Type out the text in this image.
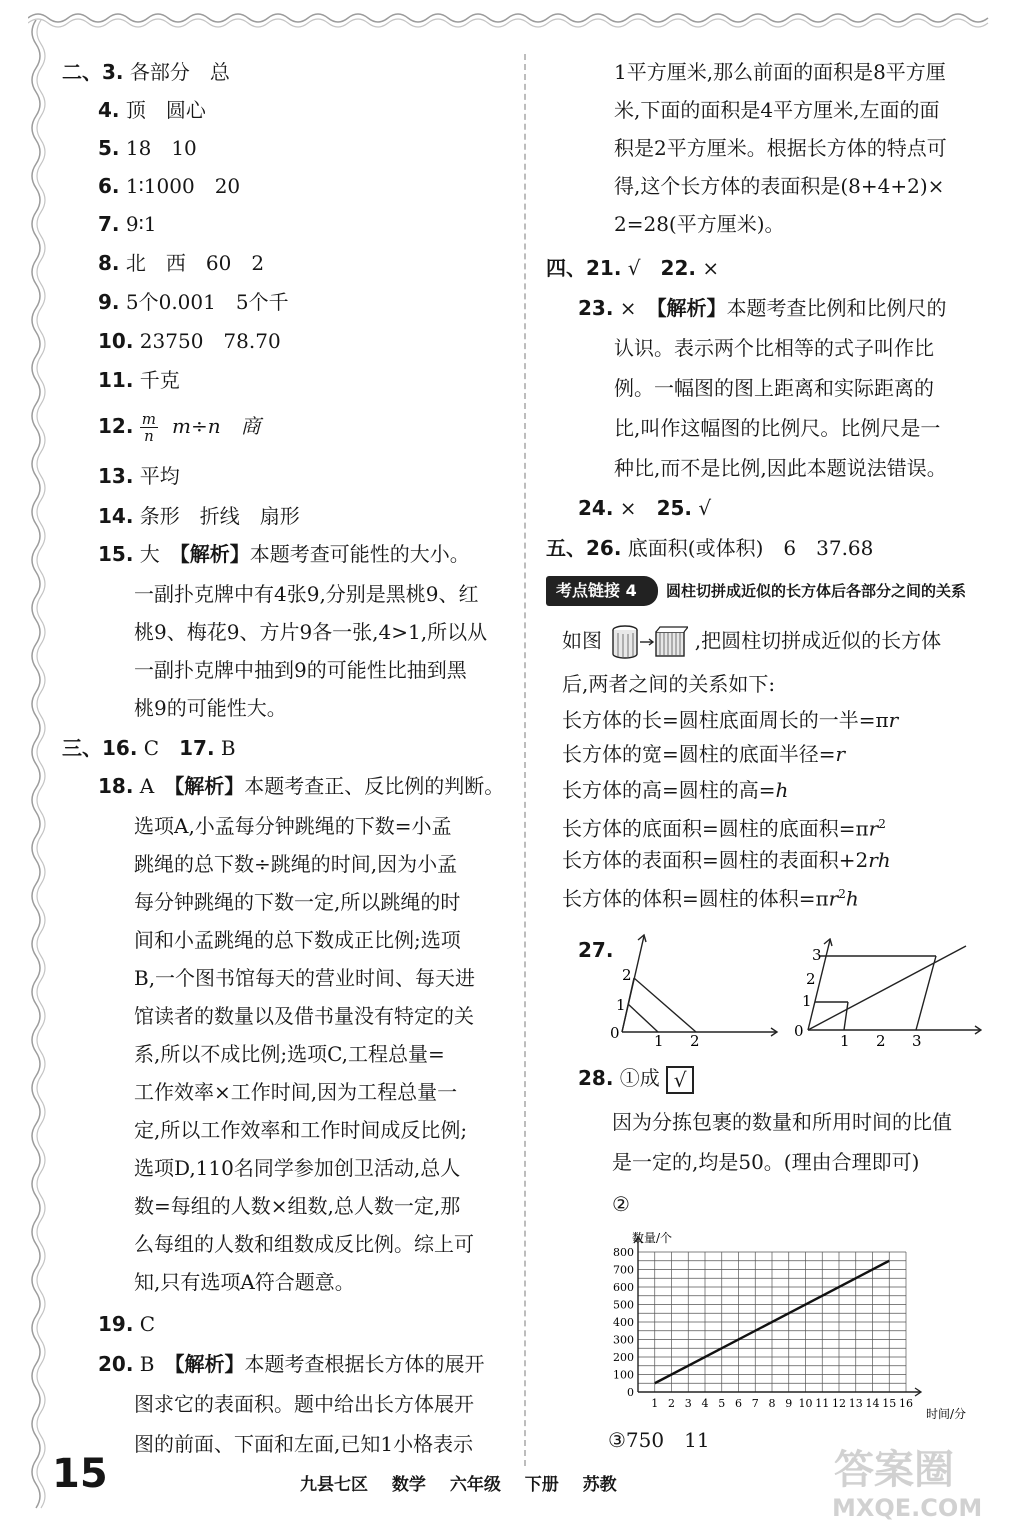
二、3. 各部分　总
4. 顶　圆心
5. 18　10
6. 1∶1000　20
7. 9∶1
8. 北　西　60　2
9. 5个0.001　5个千
10. 23750　78.70
11. 千克
12. $\frac{m}{n} m\div n$　商
13. 平均
14. 条形　折线　扇形
15. 大　【解析】本题考查可能性的大小。
一副扑克牌中有4张9,分别是黑桃9、红
桃9、梅花9、方片9各一张,4>1,所以从
一副扑克牌中抽到9的可能性比抽到黑
桃9的可能性大。
三、16. C　17. B
18. A　【解析】本题考查正、反比例的判断。
选项A,小孟每分钟跳绳的下数=小孟
跳绳的总下数÷跳绳的时间,因为小孟
每分钟跳绳的下数一定,所以跳绳的时
间和小孟跳绳的总下数成正比例;选项
B,一个图书馆每天的营业时间、每天进
馆读者的数量以及借书量没有特定的关
系,所以不成比例;选项C,工程总量=
工作效率×工作时间,因为工程总量一
定,所以工作效率和工作时间成反比例;
选项D,110名同学参加创卫活动,总人
数=每组的人数×组数,总人数一定,那
么每组的人数和组数成反比例。综上可
知,只有选项A符合题意。
19. C
20. B　【解析】本题考查根据长方体的展开
图求它的表面积。题中给出长方体展开
图的前面、下面和左面,已知1小格表示
1平方厘米,那么前面的面积是8平方厘
米,下面的面积是4平方厘米,左面的面
积是2平方厘米。根据长方体的特点可
得,这个长方体的表面积是(8+4+2)×
2=28(平方厘米)。
四、21. √　22. ×
23. ×　【解析】本题考查比例和比例尺的
认识。表示两个比相等的式子叫作比
例。一幅图的图上距离和实际距离的
比,叫作这幅图的比例尺。比例尺是一
种比,而不是比例,因此本题说法错误。
24. ×　25. √
五、26. 底面积(或体积)　6　37.68
考点链接 4	圆柱切拼成近似的长方体后各部分之间的关系
如图	,把圆柱切拼成近似的长方体
后,两者之间的关系如下:
长方体的长=圆柱底面周长的一半=πr
长方体的宽=圆柱的底面半径=r
长方体的高=圆柱的高=h
长方体的底面积=圆柱的底面积$=\pi r^2$
长方体的表面积=圆柱的表面积+2rh
长方体的体积=圆柱的体积$=\pi r^2h$
27.
0
1
2
1 2
0
1
2
3
1 2 3
28. ①成 √
因为分拣包裹的数量和所用时间的比值
是一定的,均是50。(理由合理即可)
②
数量/个
时间/分
800
700
600
500
400
300
200
100
0
1 2 3 4 5 6 7 8 9 10 11 12 13 14 15 16
③750　11
15	九县七区 数学 六年级 下册 苏教	答案圈
MXQE.COM
